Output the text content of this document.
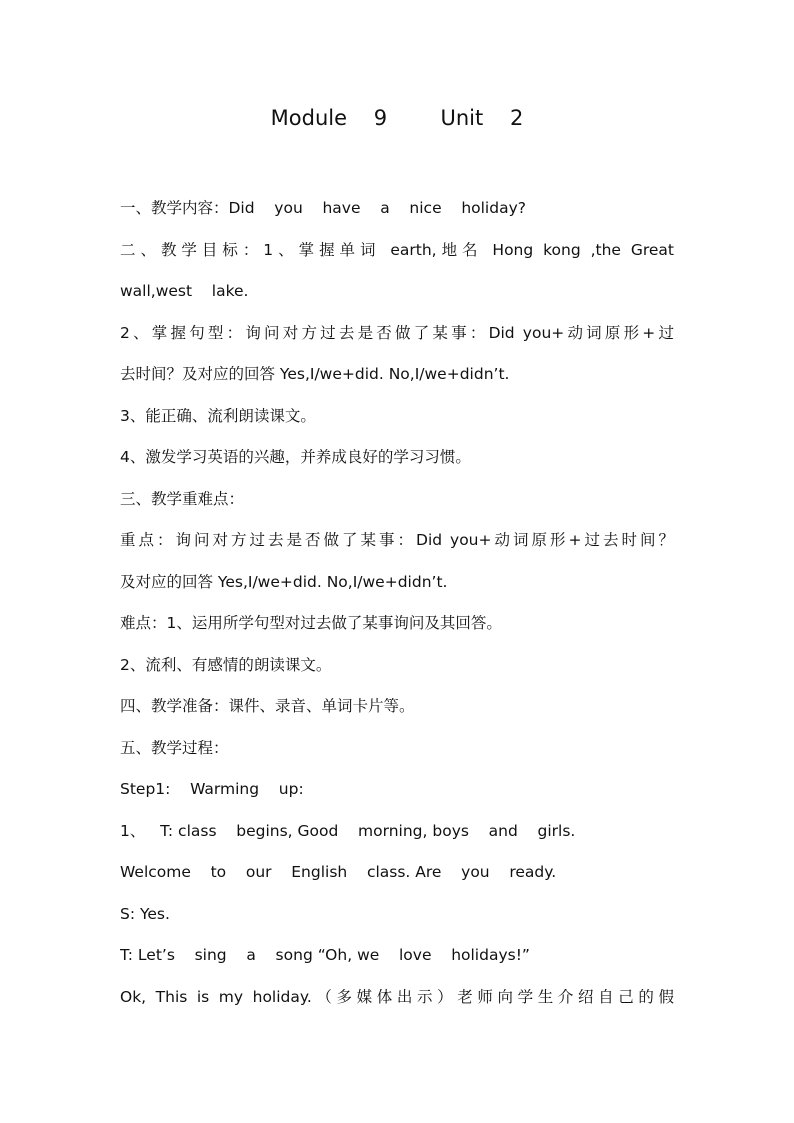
Module    9        Unit    2
一、教学内容：Did    you    have    a    nice    holiday?
二、教学目标：1、掌握单词 earth,地名 Hong kong ,the Great
wall,west    lake.
2、掌握句型：询问对方过去是否做了某事：Did you+动词原形+过
去时间？及对应的回答 Yes,I/we+did. No,I/we+didn’t.
3、能正确、流利朗读课文。
4、激发学习英语的兴趣，并养成良好的学习习惯。
三、教学重难点：
重点：询问对方过去是否做了某事：Did you+动词原形+过去时间？
及对应的回答 Yes,I/we+did. No,I/we+didn’t.
难点：1、运用所学句型对过去做了某事询问及其回答。
2、流利、有感情的朗读课文。
四、教学准备：课件、录音、单词卡片等。
五、教学过程：
Step1:    Warming    up:
1、   T: class    begins, Good    morning, boys    and    girls.
Welcome    to    our    English    class. Are    you    ready.
S: Yes.
T: Let’s    sing    a    song “Oh, we    love    holidays!”
Ok, This is my holiday.（多媒体出示）老师向学生介绍自己的假
